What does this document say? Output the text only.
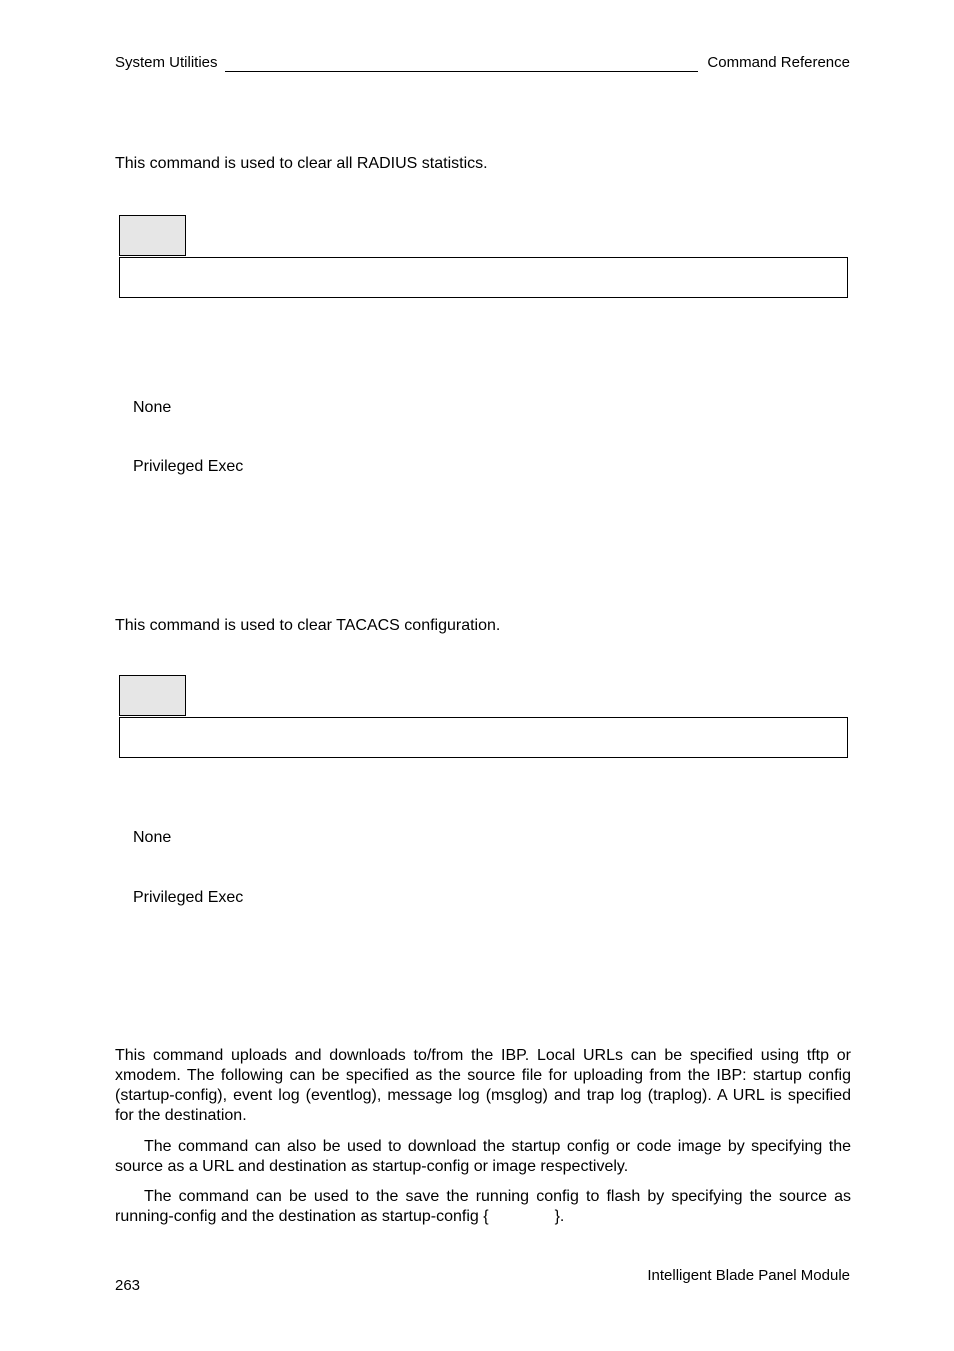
System Utilities	Command Reference
This command is used to clear all RADIUS statistics.
None
Privileged Exec
This command is used to clear TACACS configuration.
None
Privileged Exec
This command uploads and downloads to/from the IBP. Local URLs can be specified using tftp or xmodem. The following can be specified as the source file for uploading from the IBP: startup config (startup-config), event log (eventlog), message log (msglog) and trap log (traplog). A URL is specified for the destination.
The command can also be used to download the startup config or code image by specifying the source as a URL and destination as startup-config or image respectively.
The command can be used to the save the running config to flash by specifying the source as running-config and the destination as startup-config {	}.
263
Intelligent Blade Panel Module
